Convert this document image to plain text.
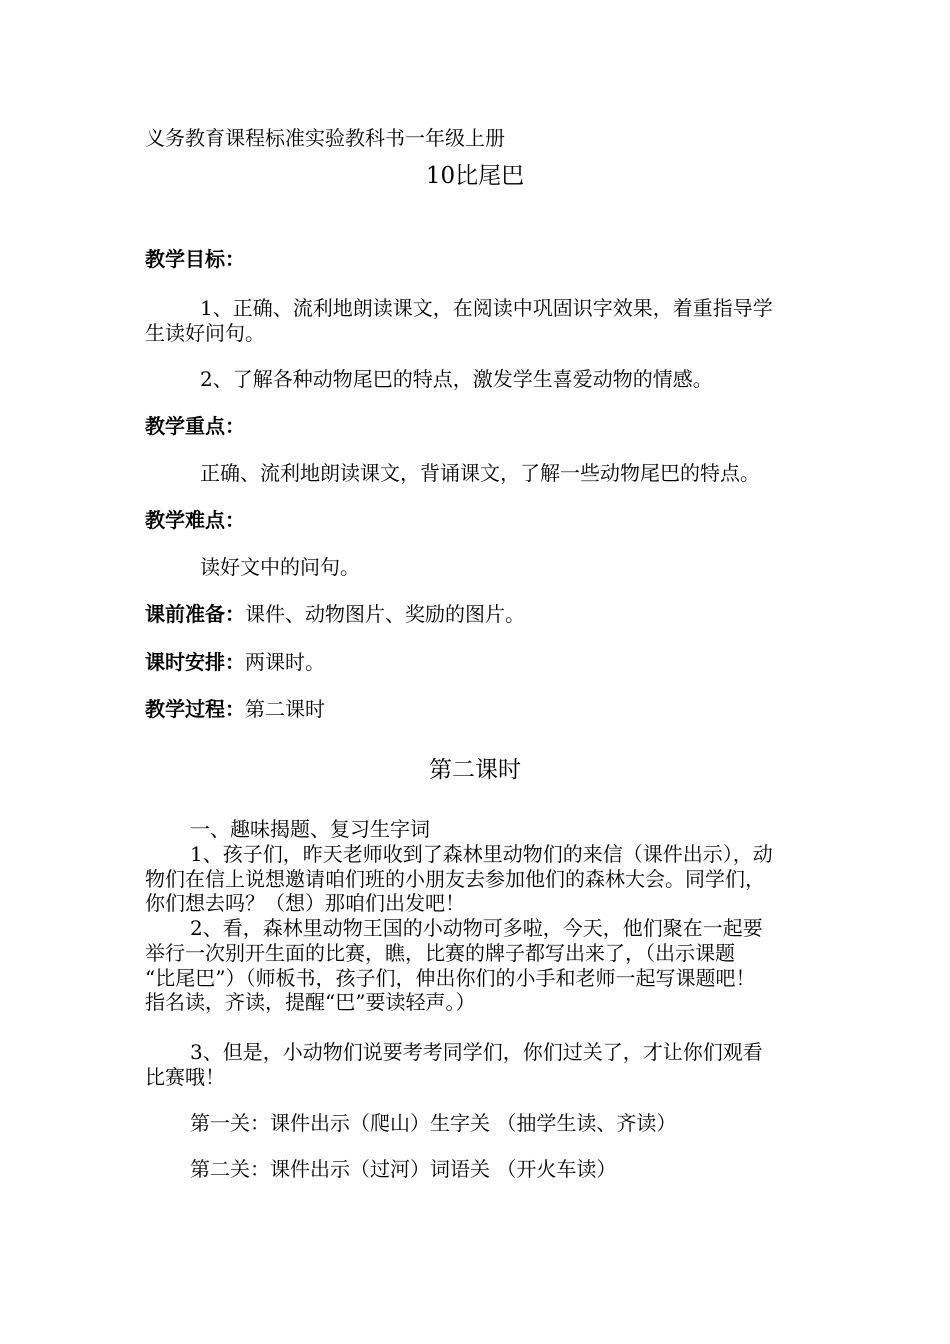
义务教育课程标准实验教科书一年级上册
10比尾巴
教学目标：
1、正确、流利地朗读课文，在阅读中巩固识字效果，着重指导学
生读好问句。
2、了解各种动物尾巴的特点，激发学生喜爱动物的情感。
教学重点：
正确、流利地朗读课文，背诵课文，了解一些动物尾巴的特点。
教学难点：
读好文中的问句。
课前准备：课件、动物图片、奖励的图片。
课时安排：两课时。
教学过程：第二课时
第二课时
一、趣味揭题、复习生字词
1、孩子们，昨天老师收到了森林里动物们的来信（课件出示），动
物们在信上说想邀请咱们班的小朋友去参加他们的森林大会。同学们，
你们想去吗？（想）那咱们出发吧！
2、看，森林里动物王国的小动物可多啦，今天，他们聚在一起要
举行一次别开生面的比赛，瞧，比赛的牌子都写出来了，（出示课题
“比尾巴”）（师板书，孩子们，伸出你们的小手和老师一起写课题吧！
指名读，齐读，提醒“巴”要读轻声。）
3、但是，小动物们说要考考同学们，你们过关了，才让你们观看
比赛哦！
第一关：课件出示（爬山）生字关 （抽学生读、齐读）
第二关：课件出示（过河）词语关 （开火车读）
